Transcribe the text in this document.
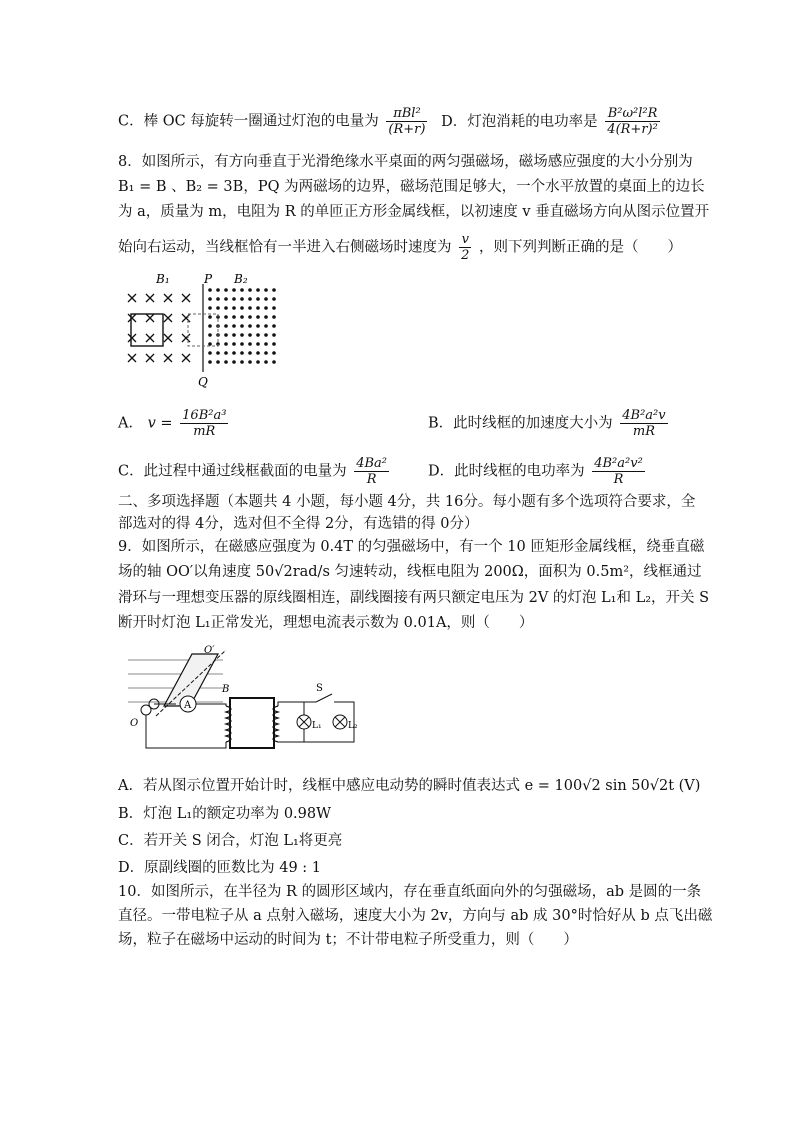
C．棒 OC 每旋转一圈通过灯泡的电量为 $\frac{\text{πBl²}}{(R+r)}$ D．灯泡消耗的电功率是 $\frac{\text{B²ω²l²R}}{\text{4(R+r)²}}$
8．如图所示，有方向垂直于光滑绝缘水平桌面的两匀强磁场，磁场感应强度的大小分别为
B₁ = B 、B₂ = 3B，PQ 为两磁场的边界，磁场范围足够大，一个水平放置的桌面上的边长
为 a，质量为 m，电阻为 R 的单匝正方形金属线框，以初速度 v 垂直磁场方向从图示位置开
始向右运动，当线框恰有一半进入右侧磁场时速度为 $\frac{v}{2}$ ，则下列判断正确的是（　　）
B₁	P B₂
Q
A． $v = \frac{\text{16B²a³}}{mR}$	B．此时线框的加速度大小为 $\frac{\text{4B²a²v}}{mR}$
C．此过程中通过线框截面的电量为 $\frac{\text{4Ba²}}{R}$	D．此时线框的电功率为 $\frac{\text{4B²a²v²}}{R}$
二、多项选择题（本题共 4 小题，每小题 4分，共 16分。每小题有多个选项符合要求，全
部选对的得 4分，选对但不全得 2分，有选错的得 0分）
9．如图所示，在磁感应强度为 0.4T 的匀强磁场中，有一个 10 匝矩形金属线框，绕垂直磁
场的轴 OO′以角速度 50√2rad/s 匀速转动，线框电阻为 200Ω，面积为 0.5m²，线框通过
滑环与一理想变压器的原线圈相连，副线圈接有两只额定电压为 2V 的灯泡 L₁和 L₂，开关 S
断开时灯泡 L₁正常发光，理想电流表示数为 0.01A，则（　　）
O′
B
O
A
L₁	L₂
S
A．若从图示位置开始计时，线框中感应电动势的瞬时值表达式 e = 100√2 sin 50√2t (V)
B．灯泡 L₁的额定功率为 0.98W
C．若开关 S 闭合，灯泡 L₁将更亮
D．原副线圈的匝数比为 49 : 1
10．如图所示，在半径为 R 的圆形区域内，存在垂直纸面向外的匀强磁场，ab 是圆的一条
直径。一带电粒子从 a 点射入磁场，速度大小为 2v，方向与 ab 成 30°时恰好从 b 点飞出磁
场，粒子在磁场中运动的时间为 t；不计带电粒子所受重力，则（　　）
